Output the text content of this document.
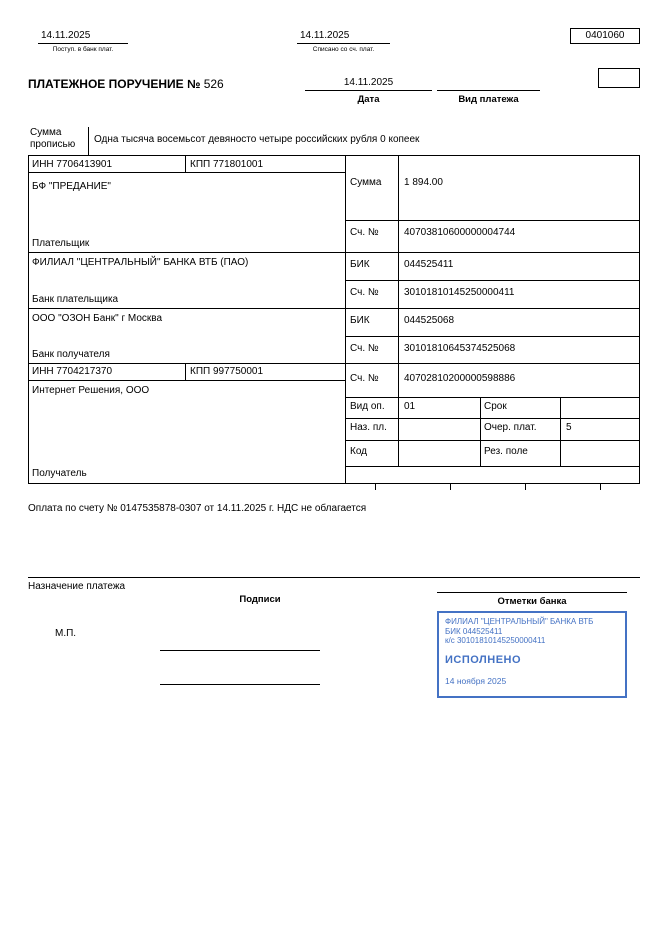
14.11.2025
Поступ. в банк плат.
14.11.2025
Списано со сч. плат.
0401060
ПЛАТЕЖНОЕ ПОРУЧЕНИЕ № 526	14.11.2025
Дата	Вид платежа
Сумма
прописью Одна тысяча восемьсот девяносто четыре российских рубля 0 копеек
ИНН 7706413901	КПП 771801001
Сумма 1 894.00
БФ "ПРЕДАНИЕ"
Плательщик
Сч. №	40703810600000004744
ФИЛИАЛ "ЦЕНТРАЛЬНЫЙ" БАНКА ВТБ (ПАО)	БИК	044525411
Сч. №	30101810145250000411
Банк плательщика
ООО "ОЗОН Банк" г Москва	БИК	044525068
Сч. №	30101810645374525068
Банк получателя
ИНН 7704217370	КПП 997750001
Сч. №	40702810200000598886
Интернет Решения, ООО
Вид оп. 01	Срок
Наз. пл.	Очер. плат.	5
Код	Рез. поле
Получатель
Оплата по счету № 0147535878-0307 от 14.11.2025 г. НДС не облагается
Назначение платежа
Подписи	Отметки банка
М.П.
ФИЛИАЛ "ЦЕНТРАЛЬНЫЙ" БАНКА ВТБ
БИК 044525411
к/с 30101810145250000411
ИСПОЛНЕНО
14 ноября 2025
